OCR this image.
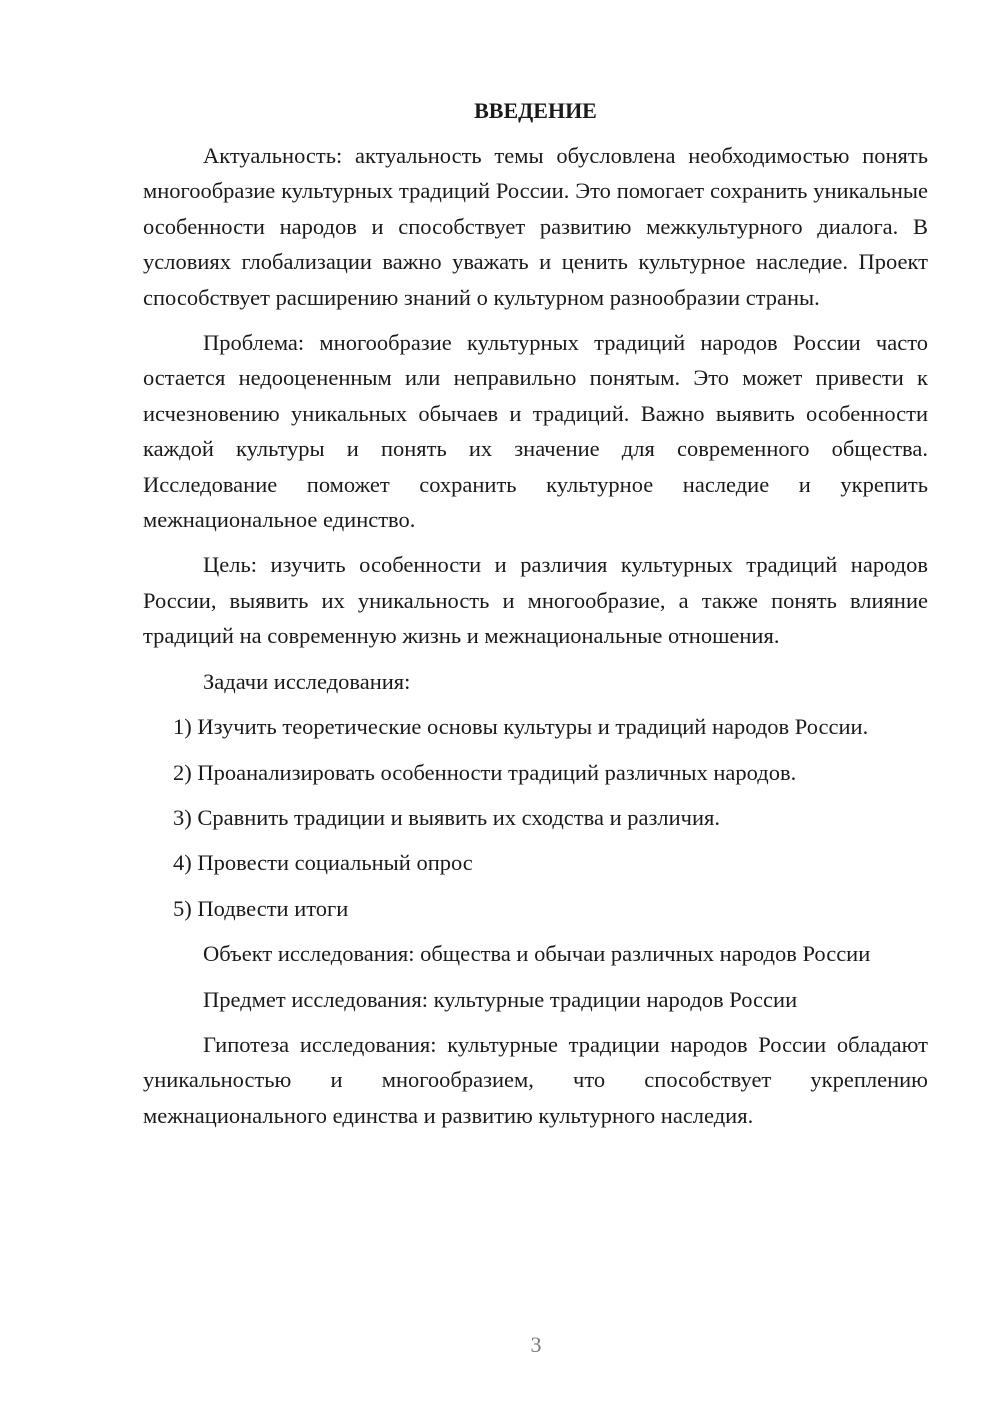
ВВЕДЕНИЕ

Актуальность: актуальность темы обусловлена необходимостью понять многообразие культурных традиций России. Это помогает сохранить уникальные особенности народов и способствует развитию межкультурного диалога. В условиях глобализации важно уважать и ценить культурное наследие. Проект способствует расширению знаний о культурном разнообразии страны.

Проблема: многообразие культурных традиций народов России часто остается недооцененным или неправильно понятым. Это может привести к исчезновению уникальных обычаев и традиций. Важно выявить особенности каждой культуры и понять их значение для современного общества. Исследование поможет сохранить культурное наследие и укрепить межнациональное единство.

Цель: изучить особенности и различия культурных традиций народов России, выявить их уникальность и многообразие, а также понять влияние традиций на современную жизнь и межнациональные отношения.

Задачи исследования:

1) Изучить теоретические основы культуры и традиций народов России.

2) Проанализировать особенности традиций различных народов.

3) Сравнить традиции и выявить их сходства и различия.

4) Провести социальный опрос

5) Подвести итоги

Объект исследования: общества и обычаи различных народов России

Предмет исследования: культурные традиции народов России

Гипотеза исследования: культурные традиции народов России обладают уникальностью и многообразием, что способствует укреплению межнационального единства и развитию культурного наследия.

3
